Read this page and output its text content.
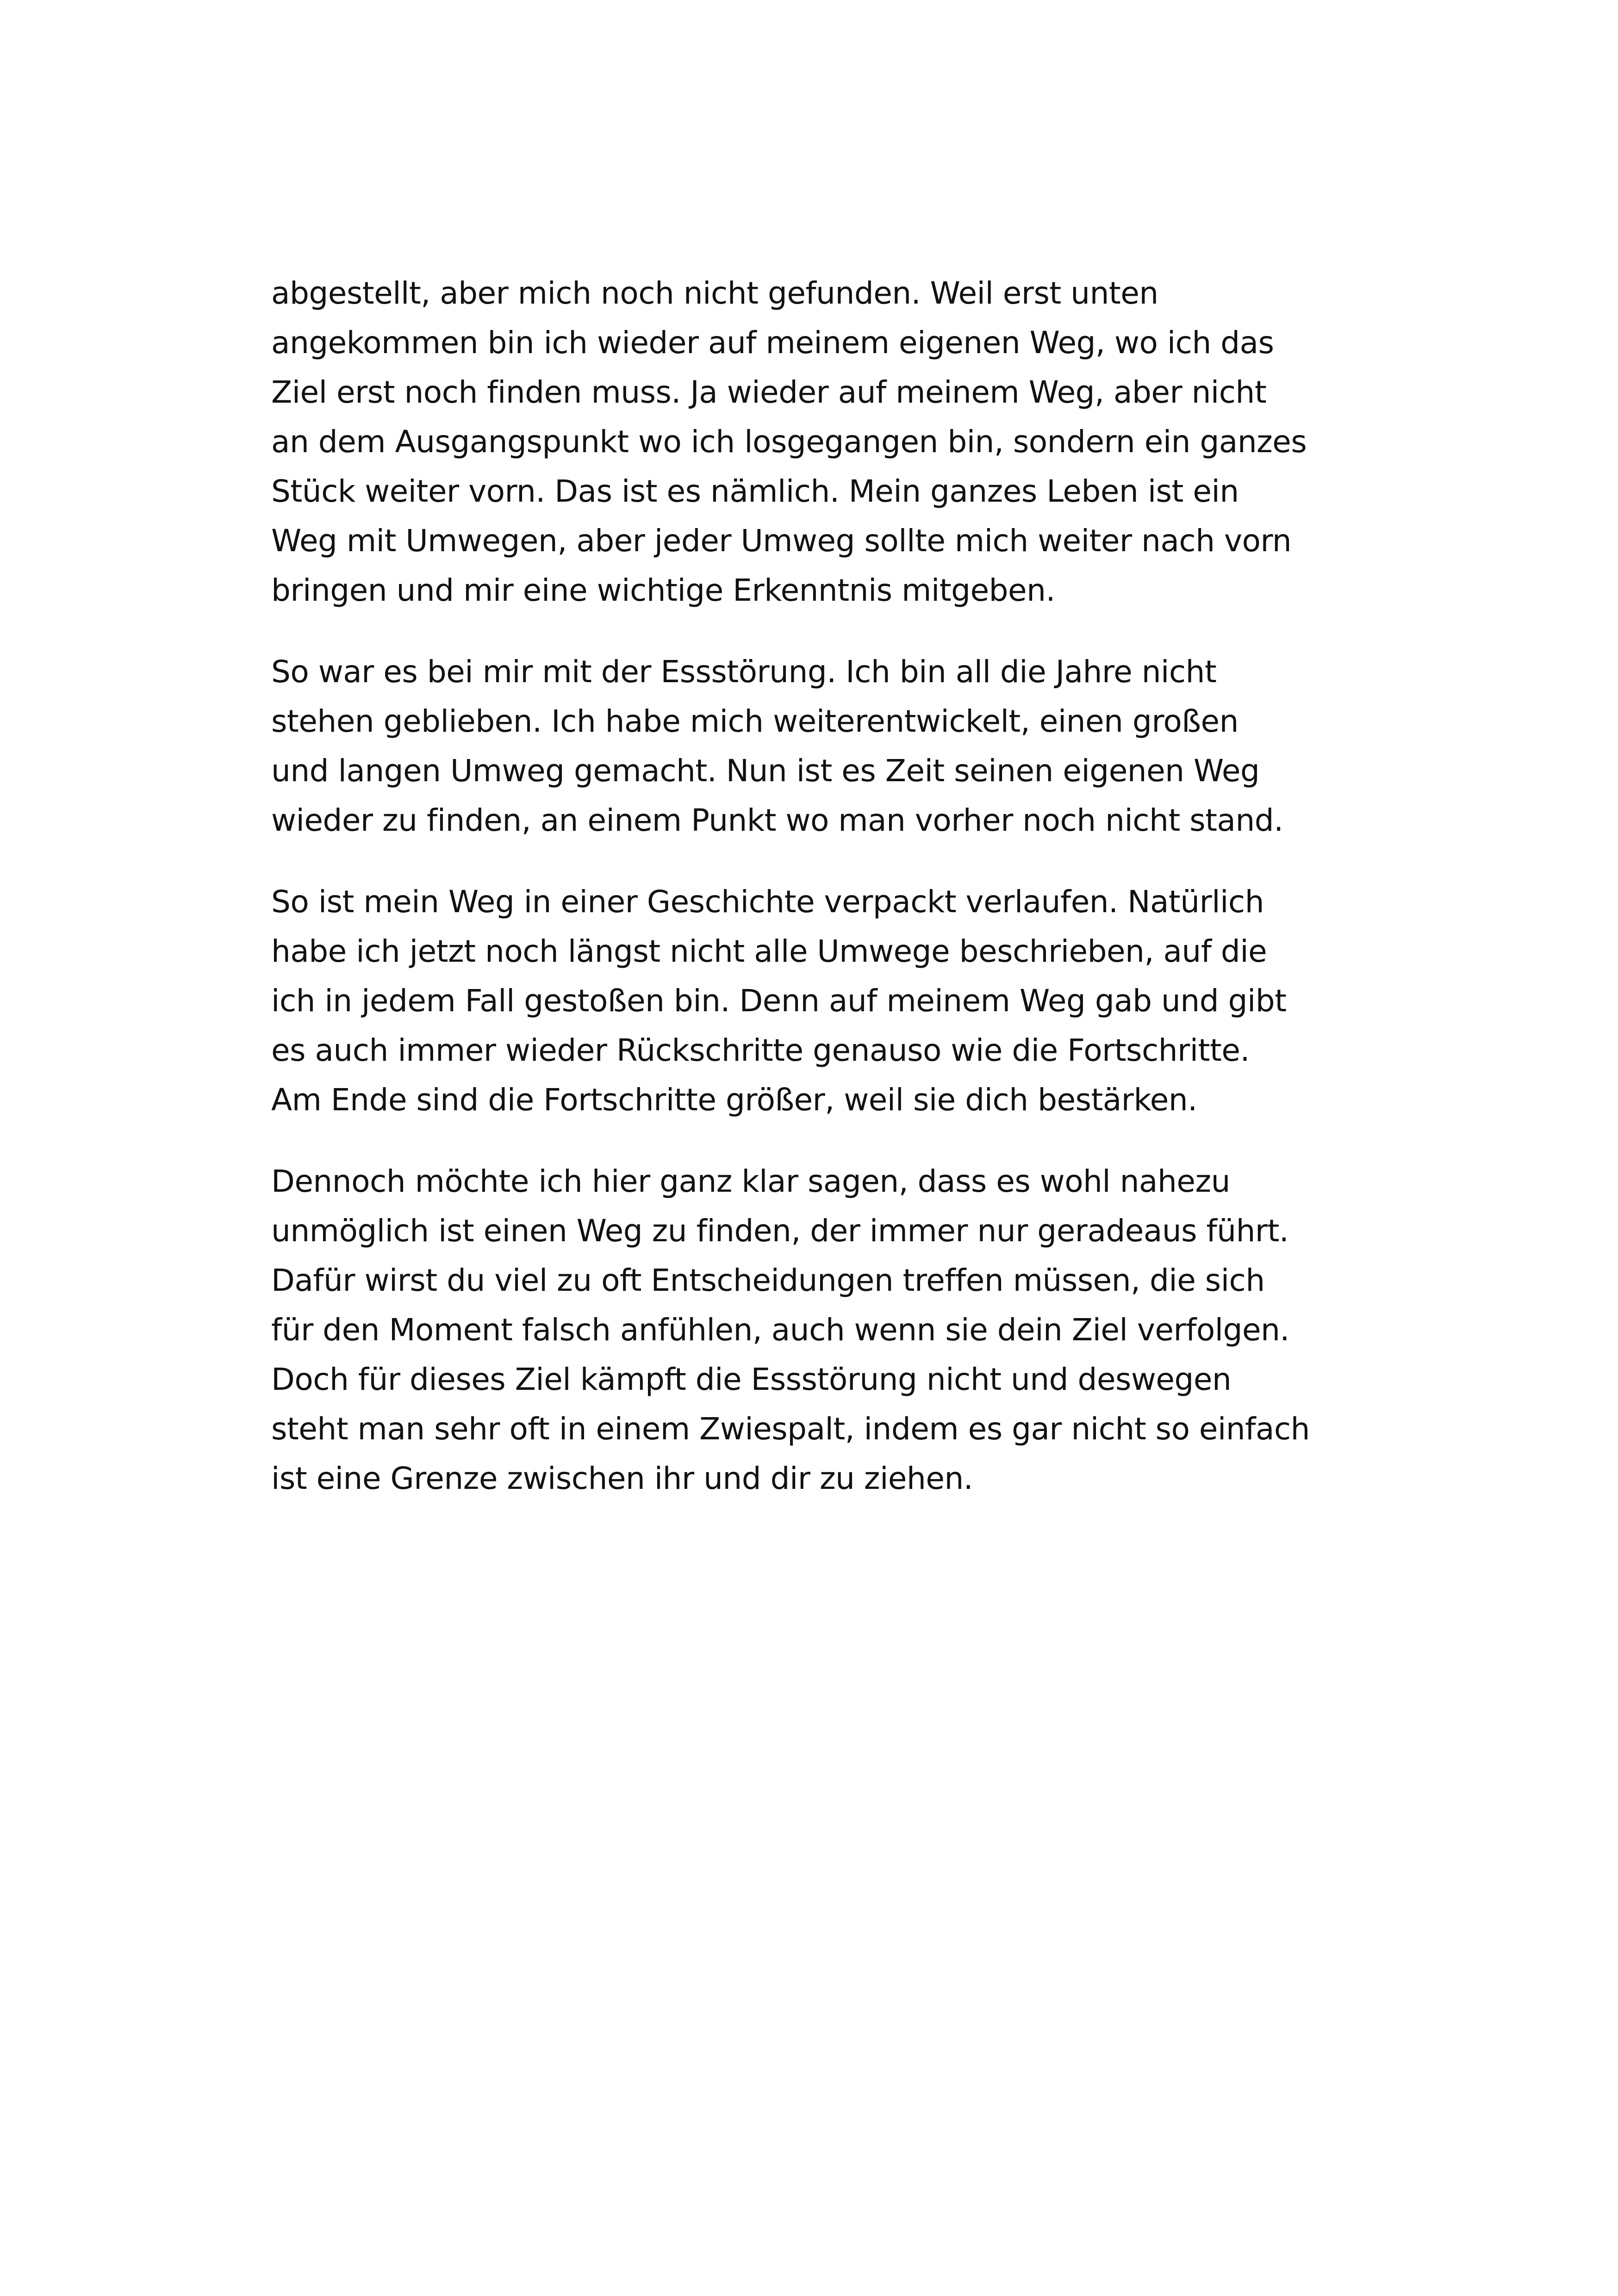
abgestellt, aber mich noch nicht gefunden. Weil erst unten
angekommen bin ich wieder auf meinem eigenen Weg, wo ich das
Ziel erst noch finden muss. Ja wieder auf meinem Weg, aber nicht
an dem Ausgangspunkt wo ich losgegangen bin, sondern ein ganzes
Stück weiter vorn. Das ist es nämlich. Mein ganzes Leben ist ein
Weg mit Umwegen, aber jeder Umweg sollte mich weiter nach vorn
bringen und mir eine wichtige Erkenntnis mitgeben.

So war es bei mir mit der Essstörung. Ich bin all die Jahre nicht
stehen geblieben. Ich habe mich weiterentwickelt, einen großen
und langen Umweg gemacht. Nun ist es Zeit seinen eigenen Weg
wieder zu finden, an einem Punkt wo man vorher noch nicht stand.

So ist mein Weg in einer Geschichte verpackt verlaufen. Natürlich
habe ich jetzt noch längst nicht alle Umwege beschrieben, auf die
ich in jedem Fall gestoßen bin. Denn auf meinem Weg gab und gibt
es auch immer wieder Rückschritte genauso wie die Fortschritte.
Am Ende sind die Fortschritte größer, weil sie dich bestärken.

Dennoch möchte ich hier ganz klar sagen, dass es wohl nahezu
unmöglich ist einen Weg zu finden, der immer nur geradeaus führt.
Dafür wirst du viel zu oft Entscheidungen treffen müssen, die sich
für den Moment falsch anfühlen, auch wenn sie dein Ziel verfolgen.
Doch für dieses Ziel kämpft die Essstörung nicht und deswegen
steht man sehr oft in einem Zwiespalt, indem es gar nicht so einfach
ist eine Grenze zwischen ihr und dir zu ziehen.
